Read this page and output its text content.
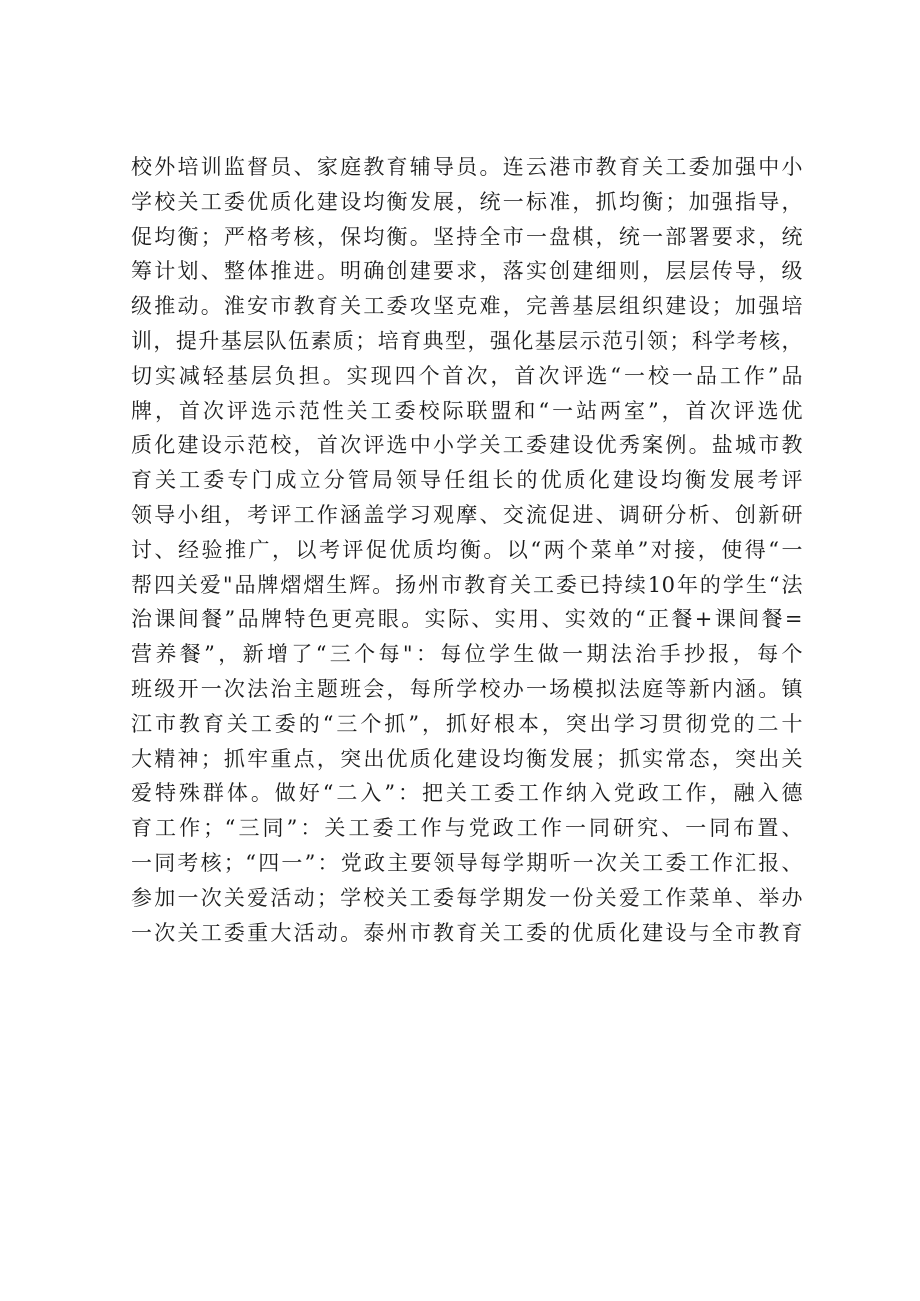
校外培训监督员、家庭教育辅导员。连云港市教育关工委加强中小
学校关工委优质化建设均衡发展，统一标准，抓均衡；加强指导，
促均衡；严格考核，保均衡。坚持全市一盘棋，统一部署要求，统
筹计划、整体推进。明确创建要求，落实创建细则，层层传导，级
级推动。淮安市教育关工委攻坚克难，完善基层组织建设；加强培
训，提升基层队伍素质；培育典型，强化基层示范引领；科学考核，
切实减轻基层负担。实现四个首次，首次评选“一校一品工作”品
牌，首次评选示范性关工委校际联盟和“一站两室”，首次评选优
质化建设示范校，首次评选中小学关工委建设优秀案例。盐城市教
育关工委专门成立分管局领导任组长的优质化建设均衡发展考评
领导小组，考评工作涵盖学习观摩、交流促进、调研分析、创新研
讨、经验推广，以考评促优质均衡。以“两个菜单”对接，使得“一
帮四关爱"品牌熠熠生辉。扬州市教育关工委已持续10年的学生“法
治课间餐”品牌特色更亮眼。实际、实用、实效的“正餐+课间餐=
营养餐”，新增了“三个每"：每位学生做一期法治手抄报，每个
班级开一次法治主题班会，每所学校办一场模拟法庭等新内涵。镇
江市教育关工委的“三个抓”，抓好根本，突出学习贯彻党的二十
大精神；抓牢重点，突出优质化建设均衡发展；抓实常态，突出关
爱特殊群体。做好“二入”：把关工委工作纳入党政工作，融入德
育工作；“三同”：关工委工作与党政工作一同研究、一同布置、
一同考核；“四一”：党政主要领导每学期听一次关工委工作汇报、
参加一次关爱活动；学校关工委每学期发一份关爱工作菜单、举办
一次关工委重大活动。泰州市教育关工委的优质化建设与全市教育
